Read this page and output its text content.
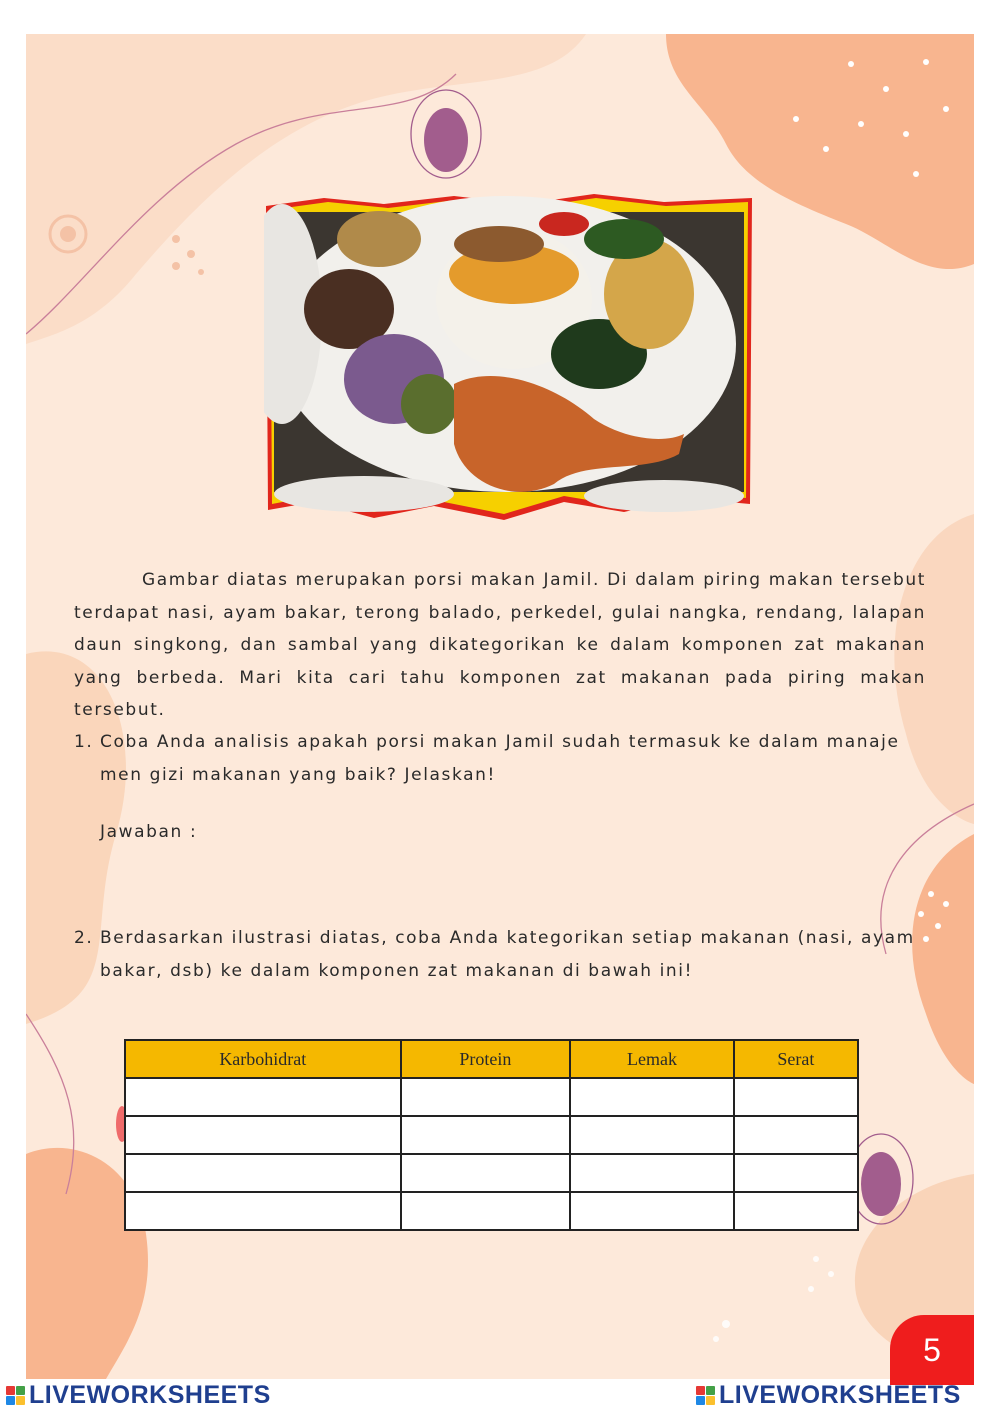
Gambar diatas merupakan porsi makan Jamil. Di dalam piring makan tersebut terdapat nasi, ayam bakar, terong balado, perkedel, gulai nangka, rendang, lalapan daun singkong, dan sambal yang dikategorikan ke dalam komponen zat makanan yang berbeda. Mari kita cari tahu komponen zat makanan pada piring makan tersebut.
1. Coba Anda analisis apakah porsi makan Jamil sudah termasuk ke dalam manaje men gizi makanan yang baik? Jelaskan!
Jawaban :
2. Berdasarkan ilustrasi diatas, coba Anda kategorikan setiap makanan (nasi, ayam bakar, dsb) ke dalam komponen zat makanan di bawah ini!
Karbohidrat	Protein	Lemak	Serat

5
LIVEWORKSHEETS	LIVEWORKSHEETS
